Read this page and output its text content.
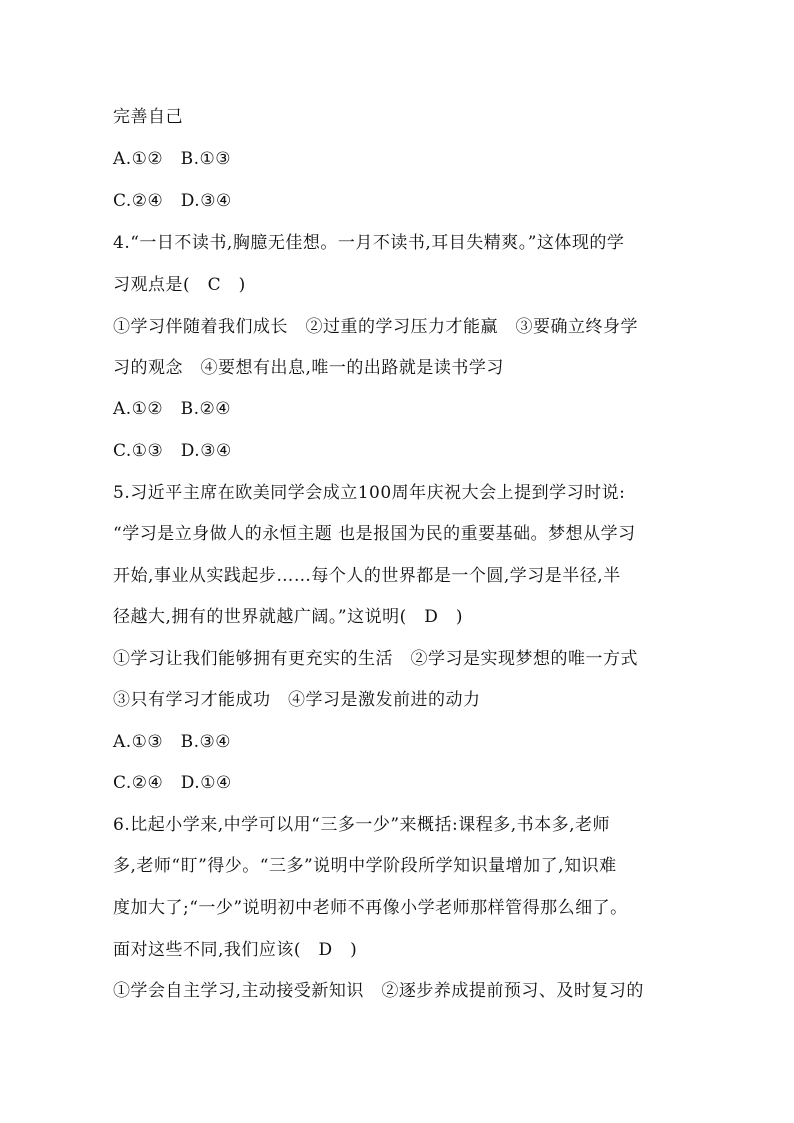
完善自己
A.①②　B.①③
C.②④　D.③④
4.“一日不读书,胸臆无佳想。一月不读书,耳目失精爽。”这体现的学
习观点是(　C　)
①学习伴随着我们成长　②过重的学习压力才能赢　③要确立终身学
习的观念　④要想有出息,唯一的出路就是读书学习
A.①②　B.②④
C.①③　D.③④
5.习近平主席在欧美同学会成立100周年庆祝大会上提到学习时说:
“学习是立身做人的永恒主题 也是报国为民的重要基础。梦想从学习
开始,事业从实践起步……每个人的世界都是一个圆,学习是半径,半
径越大,拥有的世界就越广阔。”这说明(　D　)
①学习让我们能够拥有更充实的生活　②学习是实现梦想的唯一方式
③只有学习才能成功　④学习是激发前进的动力
A.①③　B.③④
C.②④　D.①④
6.比起小学来,中学可以用“三多一少”来概括:课程多,书本多,老师
多,老师“盯”得少。“三多”说明中学阶段所学知识量增加了,知识难
度加大了;“一少”说明初中老师不再像小学老师那样管得那么细了。
面对这些不同,我们应该(　D　)
①学会自主学习,主动接受新知识　②逐步养成提前预习、及时复习的
